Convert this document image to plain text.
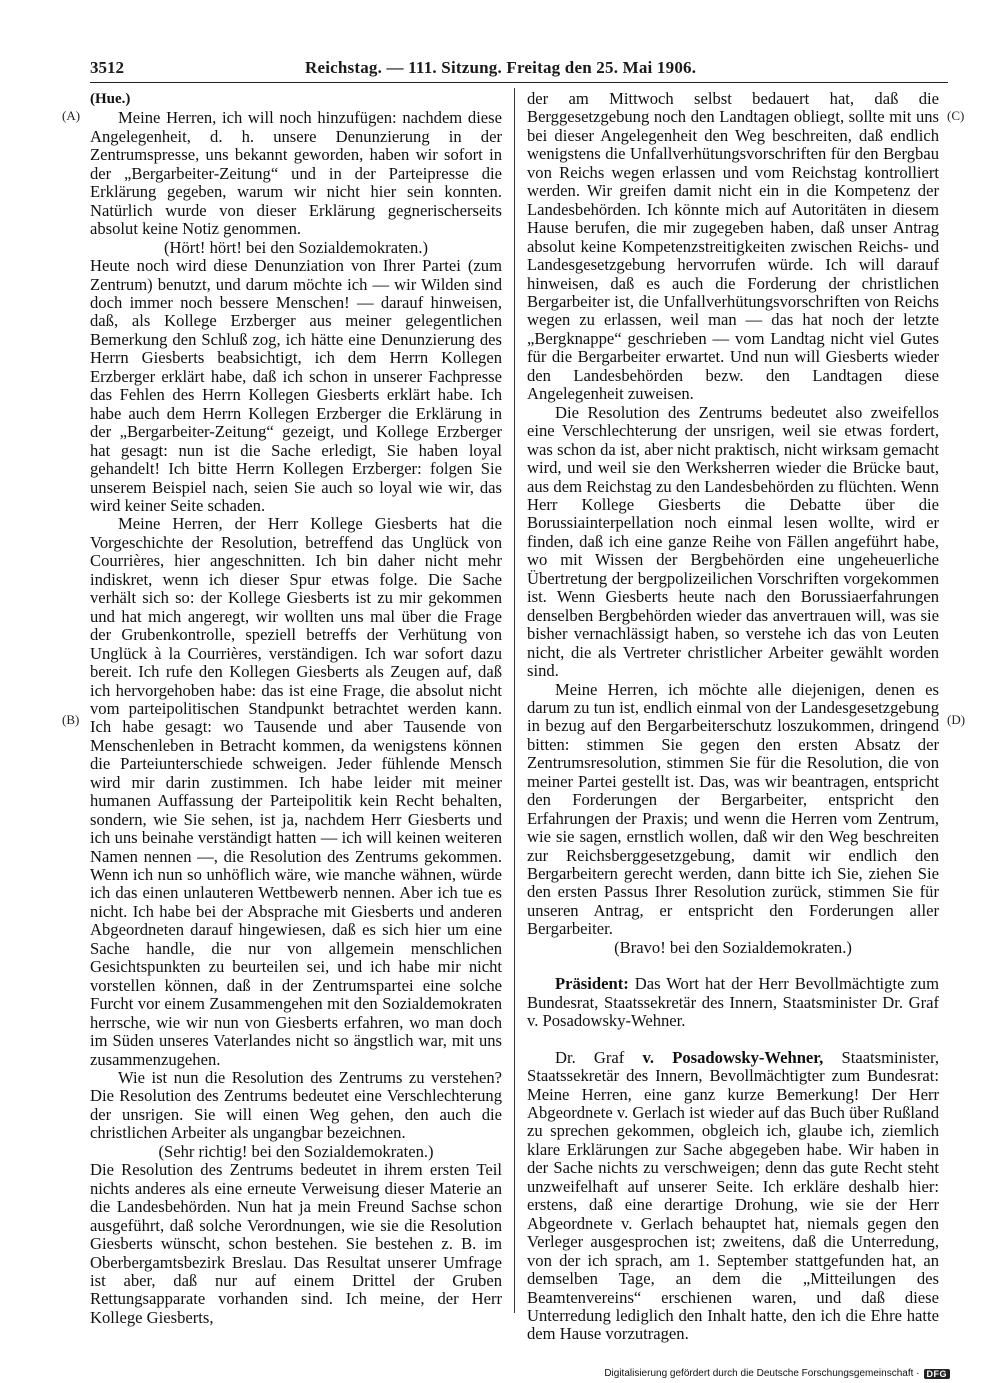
3512	Reichstag. — 111. Sitzung. Freitag den 25. Mai 1906.
(A)
(B)
(C)
(D)

(Hue.)

Meine Herren, ich will noch hinzufügen: nachdem diese Angelegenheit, d. h. unsere Denunzierung in der Zentrumspresse, uns bekannt geworden, haben wir sofort in der „Bergarbeiter-Zeitung“ und in der Parteipresse die Erklärung gegeben, warum wir nicht hier sein konnten. Natürlich wurde von dieser Erklärung gegnerischerseits absolut keine Notiz genommen.

(Hört! hört! bei den Sozialdemokraten.)

Heute noch wird diese Denunziation von Ihrer Partei (zum Zentrum) benutzt, und darum möchte ich — wir Wilden sind doch immer noch bessere Menschen! — darauf hinweisen, daß, als Kollege Erzberger aus meiner gelegentlichen Bemerkung den Schluß zog, ich hätte eine Denunzierung des Herrn Giesberts beabsichtigt, ich dem Herrn Kollegen Erzberger erklärt habe, daß ich schon in unserer Fachpresse das Fehlen des Herrn Kollegen Giesberts erklärt habe. Ich habe auch dem Herrn Kollegen Erzberger die Erklärung in der „Bergarbeiter-Zeitung“ gezeigt, und Kollege Erzberger hat gesagt: nun ist die Sache erledigt, Sie haben loyal gehandelt! Ich bitte Herrn Kollegen Erzberger: folgen Sie unserem Beispiel nach, seien Sie auch so loyal wie wir, das wird keiner Seite schaden.

Meine Herren, der Herr Kollege Giesberts hat die Vorgeschichte der Resolution, betreffend das Unglück von Courrières, hier angeschnitten. Ich bin daher nicht mehr indiskret, wenn ich dieser Spur etwas folge. Die Sache verhält sich so: der Kollege Giesberts ist zu mir gekommen und hat mich angeregt, wir wollten uns mal über die Frage der Grubenkontrolle, speziell betreffs der Verhütung von Unglück à la Courrières, verständigen. Ich war sofort dazu bereit. Ich rufe den Kollegen Giesberts als Zeugen auf, daß ich hervorgehoben habe: das ist eine Frage, die absolut nicht vom parteipolitischen Standpunkt betrachtet werden kann. Ich habe gesagt: wo Tausende und aber Tausende von Menschenleben in Betracht kommen, da wenigstens können die Parteiunterschiede schweigen. Jeder fühlende Mensch wird mir darin zustimmen. Ich habe leider mit meiner humanen Auffassung der Parteipolitik kein Recht behalten, sondern, wie Sie sehen, ist ja, nachdem Herr Giesberts und ich uns beinahe verständigt hatten — ich will keinen weiteren Namen nennen —, die Resolution des Zentrums gekommen. Wenn ich nun so unhöflich wäre, wie manche wähnen, würde ich das einen unlauteren Wettbewerb nennen. Aber ich tue es nicht. Ich habe bei der Absprache mit Giesberts und anderen Abgeordneten darauf hingewiesen, daß es sich hier um eine Sache handle, die nur von allgemein menschlichen Gesichtspunkten zu beurteilen sei, und ich habe mir nicht vorstellen können, daß in der Zentrumspartei eine solche Furcht vor einem Zusammengehen mit den Sozialdemokraten herrsche, wie wir nun von Giesberts erfahren, wo man doch im Süden unseres Vaterlandes nicht so ängstlich war, mit uns zusammenzugehen.

Wie ist nun die Resolution des Zentrums zu verstehen? Die Resolution des Zentrums bedeutet eine Verschlechterung der unsrigen. Sie will einen Weg gehen, den auch die christlichen Arbeiter als ungangbar bezeichnen.

(Sehr richtig! bei den Sozialdemokraten.)

Die Resolution des Zentrums bedeutet in ihrem ersten Teil nichts anderes als eine erneute Verweisung dieser Materie an die Landesbehörden. Nun hat ja mein Freund Sachse schon ausgeführt, daß solche Verordnungen, wie sie die Resolution Giesberts wünscht, schon bestehen. Sie bestehen z. B. im Oberbergamtsbezirk Breslau. Das Resultat unserer Umfrage ist aber, daß nur auf einem Drittel der Gruben Rettungsapparate vorhanden sind. Ich meine, der Herr Kollege Giesberts,

der am Mittwoch selbst bedauert hat, daß die Berggesetzgebung noch den Landtagen obliegt, sollte mit uns bei dieser Angelegenheit den Weg beschreiten, daß endlich wenigstens die Unfallverhütungsvorschriften für den Bergbau von Reichs wegen erlassen und vom Reichstag kontrolliert werden. Wir greifen damit nicht ein in die Kompetenz der Landesbehörden. Ich könnte mich auf Autoritäten in diesem Hause berufen, die mir zugegeben haben, daß unser Antrag absolut keine Kompetenzstreitigkeiten zwischen Reichs- und Landesgesetzgebung hervorrufen würde. Ich will darauf hinweisen, daß es auch die Forderung der christlichen Bergarbeiter ist, die Unfallverhütungsvorschriften von Reichs wegen zu erlassen, weil man — das hat noch der letzte „Bergknappe“ geschrieben — vom Landtag nicht viel Gutes für die Bergarbeiter erwartet. Und nun will Giesberts wieder den Landesbehörden bezw. den Landtagen diese Angelegenheit zuweisen.

Die Resolution des Zentrums bedeutet also zweifellos eine Verschlechterung der unsrigen, weil sie etwas fordert, was schon da ist, aber nicht praktisch, nicht wirksam gemacht wird, und weil sie den Werksherren wieder die Brücke baut, aus dem Reichstag zu den Landesbehörden zu flüchten. Wenn Herr Kollege Giesberts die Debatte über die Borussiainterpellation noch einmal lesen wollte, wird er finden, daß ich eine ganze Reihe von Fällen angeführt habe, wo mit Wissen der Bergbehörden eine ungeheuerliche Übertretung der bergpolizeilichen Vorschriften vorgekommen ist. Wenn Giesberts heute nach den Borussiaerfahrungen denselben Bergbehörden wieder das anvertrauen will, was sie bisher vernachlässigt haben, so verstehe ich das von Leuten nicht, die als Vertreter christlicher Arbeiter gewählt worden sind.

Meine Herren, ich möchte alle diejenigen, denen es darum zu tun ist, endlich einmal von der Landesgesetzgebung in bezug auf den Bergarbeiterschutz loszukommen, dringend bitten: stimmen Sie gegen den ersten Absatz der Zentrumsresolution, stimmen Sie für die Resolution, die von meiner Partei gestellt ist. Das, was wir beantragen, entspricht den Forderungen der Bergarbeiter, entspricht den Erfahrungen der Praxis; und wenn die Herren vom Zentrum, wie sie sagen, ernstlich wollen, daß wir den Weg beschreiten zur Reichsberggesetzgebung, damit wir endlich den Bergarbeitern gerecht werden, dann bitte ich Sie, ziehen Sie den ersten Passus Ihrer Resolution zurück, stimmen Sie für unseren Antrag, er entspricht den Forderungen aller Bergarbeiter.

(Bravo! bei den Sozialdemokraten.)

Präsident: Das Wort hat der Herr Bevollmächtigte zum Bundesrat, Staatssekretär des Innern, Staatsminister Dr. Graf v. Posadowsky-Wehner.

Dr. Graf v. Posadowsky-Wehner, Staatsminister, Staatssekretär des Innern, Bevollmächtigter zum Bundesrat: Meine Herren, eine ganz kurze Bemerkung! Der Herr Abgeordnete v. Gerlach ist wieder auf das Buch über Rußland zu sprechen gekommen, obgleich ich, glaube ich, ziemlich klare Erklärungen zur Sache abgegeben habe. Wir haben in der Sache nichts zu verschweigen; denn das gute Recht steht unzweifelhaft auf unserer Seite. Ich erkläre deshalb hier: erstens, daß eine derartige Drohung, wie sie der Herr Abgeordnete v. Gerlach behauptet hat, niemals gegen den Verleger ausgesprochen ist; zweitens, daß die Unterredung, von der ich sprach, am 1. September stattgefunden hat, an demselben Tage, an dem die „Mitteilungen des Beamtenvereins“ erschienen waren, und daß diese Unterredung lediglich den Inhalt hatte, den ich die Ehre hatte dem Hause vorzutragen.

Digitalisierung gefördert durch die Deutsche Forschungsgemeinschaft · DFG
